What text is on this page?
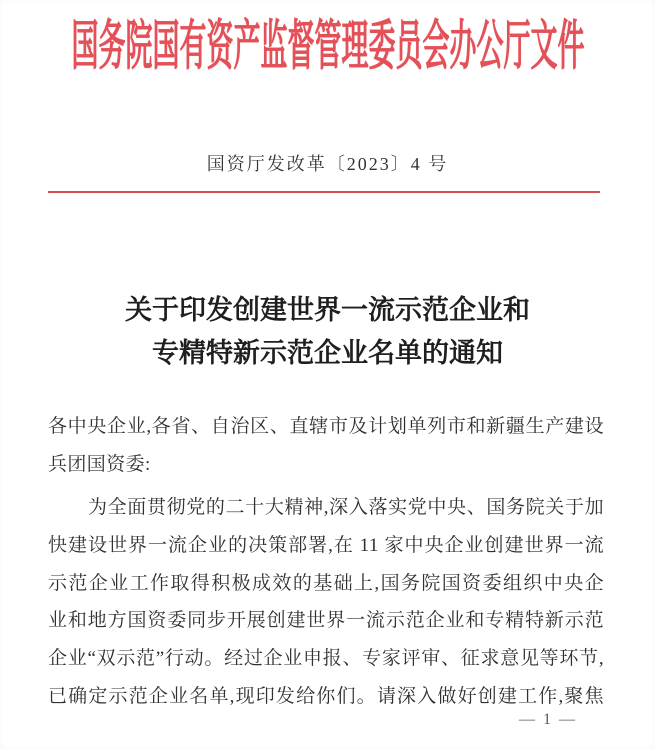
国务院国有资产监督管理委员会办公厅文件
国资厅发改革〔2023〕4 号
关于印发创建世界一流示范企业和
专精特新示范企业名单的通知
各中央企业,各省、自治区、直辖市及计划单列市和新疆生产建设
兵团国资委:
为全面贯彻党的二十大精神,深入落实党中央、国务院关于加
快建设世界一流企业的决策部署,在 11 家中央企业创建世界一流
示范企业工作取得积极成效的基础上,国务院国资委组织中央企
业和地方国资委同步开展创建世界一流示范企业和专精特新示范
企业“双示范”行动。经过企业申报、专家评审、征求意见等环节,
已确定示范企业名单,现印发给你们。请深入做好创建工作,聚焦
— 1 —
